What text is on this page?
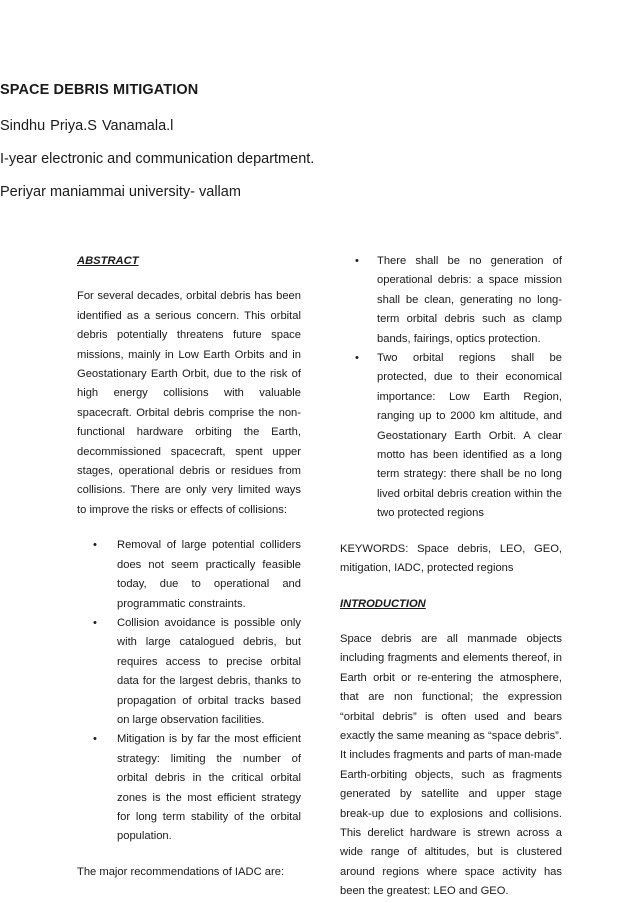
SPACE DEBRIS MITIGATION
Sindhu Priya.S Vanamala.l
I-year electronic and communication department.
Periyar maniammai university- vallam
ABSTRACT

For several decades, orbital debris has been identified as a serious concern. This orbital debris potentially threatens future space missions, mainly in Low Earth Orbits and in Geostationary Earth Orbit, due to the risk of high energy collisions with valuable spacecraft. Orbital debris comprise the non-functional hardware orbiting the Earth, decommissioned spacecraft, spent upper stages, operational debris or residues from collisions. There are only very limited ways to improve the risks or effects of collisions:

• Removal of large potential colliders does not seem practically feasible today, due to operational and programmatic constraints.
• Collision avoidance is possible only with large catalogued debris, but requires access to precise orbital data for the largest debris, thanks to propagation of orbital tracks based on large observation facilities.
• Mitigation is by far the most efficient strategy: limiting the number of orbital debris in the critical orbital zones is the most efficient strategy for long term stability of the orbital population.

The major recommendations of IADC are:

• There shall be no generation of operational debris: a space mission shall be clean, generating no long-term orbital debris such as clamp bands, fairings, optics protection.
• Two orbital regions shall be protected, due to their economical importance: Low Earth Region, ranging up to 2000 km altitude, and Geostationary Earth Orbit. A clear motto has been identified as a long term strategy: there shall be no long lived orbital debris creation within the two protected regions

KEYWORDS: Space debris, LEO, GEO, mitigation, IADC, protected regions

INTRODUCTION

Space debris are all manmade objects including fragments and elements thereof, in Earth orbit or re-entering the atmosphere, that are non functional; the expression “orbital debris” is often used and bears exactly the same meaning as “space debris”. It includes fragments and parts of man-made Earth-orbiting objects, such as fragments generated by satellite and upper stage break-up due to explosions and collisions. This derelict hardware is strewn across a wide range of altitudes, but is clustered around regions where space activity has been the greatest: LEO and GEO.
